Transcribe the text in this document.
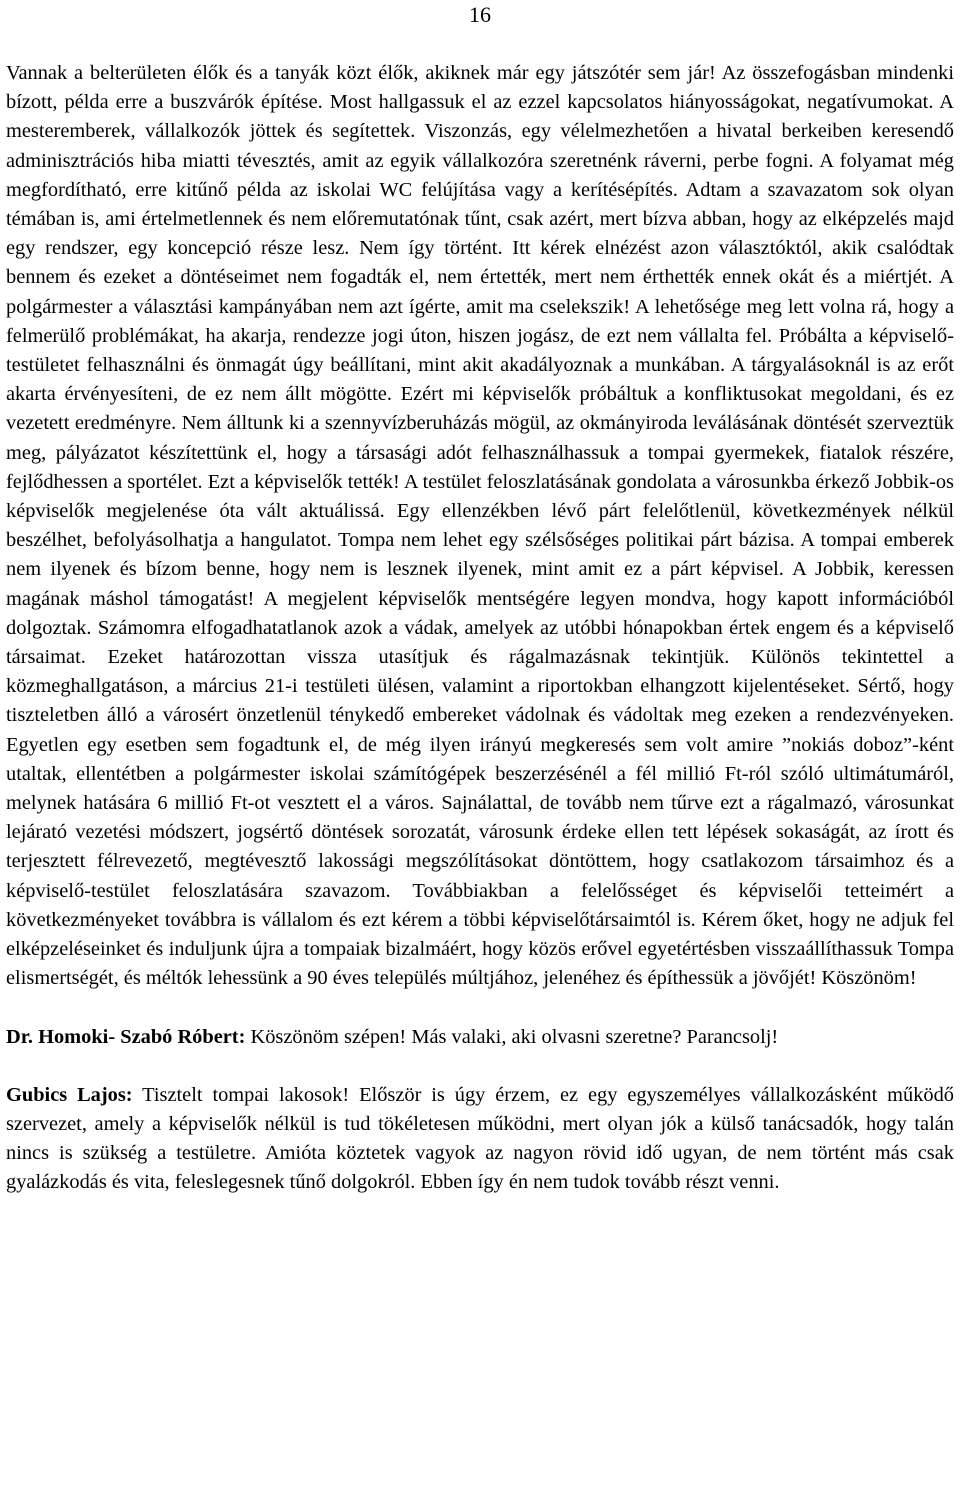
16

Vannak a belterületen élők és a tanyák közt élők, akiknek már egy játszótér sem jár! Az összefogásban mindenki bízott, példa erre a buszvárók építése. Most hallgassuk el az ezzel kapcsolatos hiányosságokat, negatívumokat. A mesteremberek, vállalkozók jöttek és segítettek. Viszonzás, egy vélelmezhetően a hivatal berkeiben keresendő adminisztrációs hiba miatti tévesztés, amit az egyik vállalkozóra szeretnénk ráverni, perbe fogni. A folyamat még megfordítható, erre kitűnő példa az iskolai WC felújítása vagy a kerítésépítés. Adtam a szavazatom sok olyan témában is, ami értelmetlennek és nem előremutatónak tűnt, csak azért, mert bízva abban, hogy az elképzelés majd egy rendszer, egy koncepció része lesz. Nem így történt. Itt kérek elnézést azon választóktól, akik csalódtak bennem és ezeket a döntéseimet nem fogadták el, nem értették, mert nem érthették ennek okát és a miértjét. A polgármester a választási kampányában nem azt ígérte, amit ma cselekszik! A lehetősége meg lett volna rá, hogy a felmerülő problémákat, ha akarja, rendezze jogi úton, hiszen jogász, de ezt nem vállalta fel. Próbálta a képviselő-testületet felhasználni és önmagát úgy beállítani, mint akit akadályoznak a munkában. A tárgyalásoknál is az erőt akarta érvényesíteni, de ez nem állt mögötte. Ezért mi képviselők próbáltuk a konfliktusokat megoldani, és ez vezetett eredményre. Nem álltunk ki a szennyvízberuházás mögül, az okmányiroda leválásának döntését szerveztük meg, pályázatot készítettünk el, hogy a társasági adót felhasználhassuk a tompai gyermekek, fiatalok részére, fejlődhessen a sportélet. Ezt a képviselők tették! A testület feloszlatásának gondolata a városunkba érkező Jobbik-os képviselők megjelenése óta vált aktuálissá. Egy ellenzékben lévő párt felelőtlenül, következmények nélkül beszélhet, befolyásolhatja a hangulatot. Tompa nem lehet egy szélsőséges politikai párt bázisa. A tompai emberek nem ilyenek és bízom benne, hogy nem is lesznek ilyenek, mint amit ez a párt képvisel. A Jobbik, keressen magának máshol támogatást! A megjelent képviselők mentségére legyen mondva, hogy kapott információból dolgoztak. Számomra elfogadhatatlanok azok a vádak, amelyek az utóbbi hónapokban értek engem és a képviselő társaimat. Ezeket határozottan vissza utasítjuk és rágalmazásnak tekintjük. Különös tekintettel a közmeghallgatáson, a március 21-i testületi ülésen, valamint a riportokban elhangzott kijelentéseket. Sértő, hogy tiszteletben álló a városért önzetlenül ténykedő embereket vádolnak és vádoltak meg ezeken a rendezvényeken. Egyetlen egy esetben sem fogadtunk el, de még ilyen irányú megkeresés sem volt amire ”nokiás doboz”-ként utaltak, ellentétben a polgármester iskolai számítógépek beszerzésénél a fél millió Ft-ról szóló ultimátumáról, melynek hatására 6 millió Ft-ot vesztett el a város. Sajnálattal, de tovább nem tűrve ezt a rágalmazó, városunkat lejárató vezetési módszert, jogsértő döntések sorozatát, városunk érdeke ellen tett lépések sokaságát, az írott és terjesztett félrevezető, megtévesztő lakossági megszólításokat döntöttem, hogy csatlakozom társaimhoz és a képviselő-testület feloszlatására szavazom. Továbbiakban a felelősséget és képviselői tetteimért a következményeket továbbra is vállalom és ezt kérem a többi képviselőtársaimtól is. Kérem őket, hogy ne adjuk fel elképzeléseinket és induljunk újra a tompaiak bizalmáért, hogy közös erővel egyetértésben visszaállíthassuk Tompa elismertségét, és méltók lehessünk a 90 éves település múltjához, jelenéhez és építhessük a jövőjét! Köszönöm!

Dr. Homoki- Szabó Róbert: Köszönöm szépen! Más valaki, aki olvasni szeretne? Parancsolj!

Gubics Lajos: Tisztelt tompai lakosok! Először is úgy érzem, ez egy egyszemélyes vállalkozásként működő szervezet, amely a képviselők nélkül is tud tökéletesen működni, mert olyan jók a külső tanácsadók, hogy talán nincs is szükség a testületre. Amióta köztetek vagyok az nagyon rövid idő ugyan, de nem történt más csak gyalázkodás és vita, feleslegesnek tűnő dolgokról. Ebben így én nem tudok tovább részt venni.
